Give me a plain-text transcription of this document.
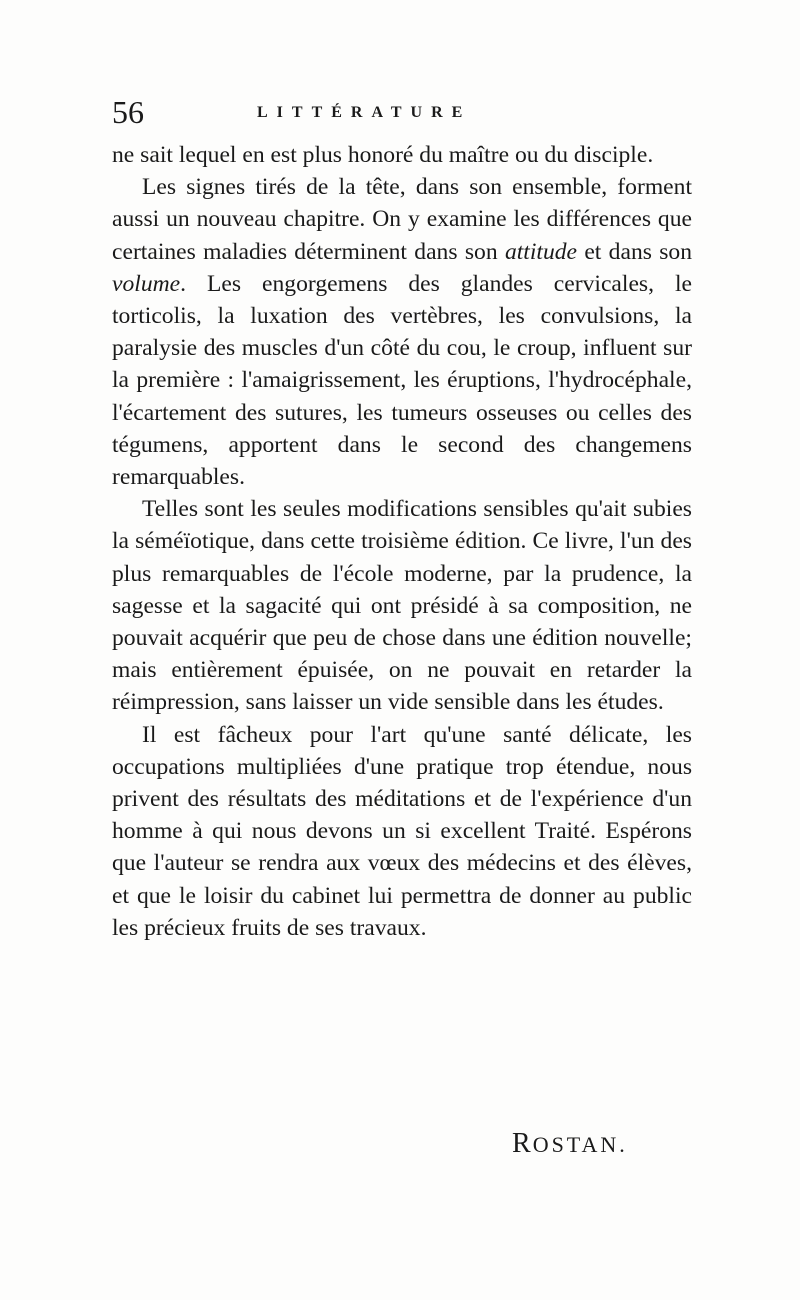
56	LITTÉRATURE

ne sait lequel en est plus honoré du maître ou du disciple.

Les signes tirés de la tête, dans son ensemble, forment aussi un nouveau chapitre. On y examine les différences que certaines maladies déterminent dans son attitude et dans son volume. Les engorgemens des glandes cervicales, le torticolis, la luxation des vertèbres, les convulsions, la paralysie des muscles d'un côté du cou, le croup, influent sur la première : l'amaigrissement, les éruptions, l'hydrocéphale, l'écartement des sutures, les tumeurs osseuses ou celles des tégumens, apportent dans le second des changemens remarquables.

Telles sont les seules modifications sensibles qu'ait subies la séméïotique, dans cette troisième édition. Ce livre, l'un des plus remarquables de l'école moderne, par la prudence, la sagesse et la sagacité qui ont présidé à sa composition, ne pouvait acquérir que peu de chose dans une édition nouvelle; mais entièrement épuisée, on ne pouvait en retarder la réimpression, sans laisser un vide sensible dans les études.

Il est fâcheux pour l'art qu'une santé délicate, les occupations multipliées d'une pratique trop étendue, nous privent des résultats des méditations et de l'expérience d'un homme à qui nous devons un si excellent Traité. Espérons que l'auteur se rendra aux vœux des médecins et des élèves, et que le loisir du cabinet lui permettra de donner au public les précieux fruits de ses travaux.

ROSTAN.
